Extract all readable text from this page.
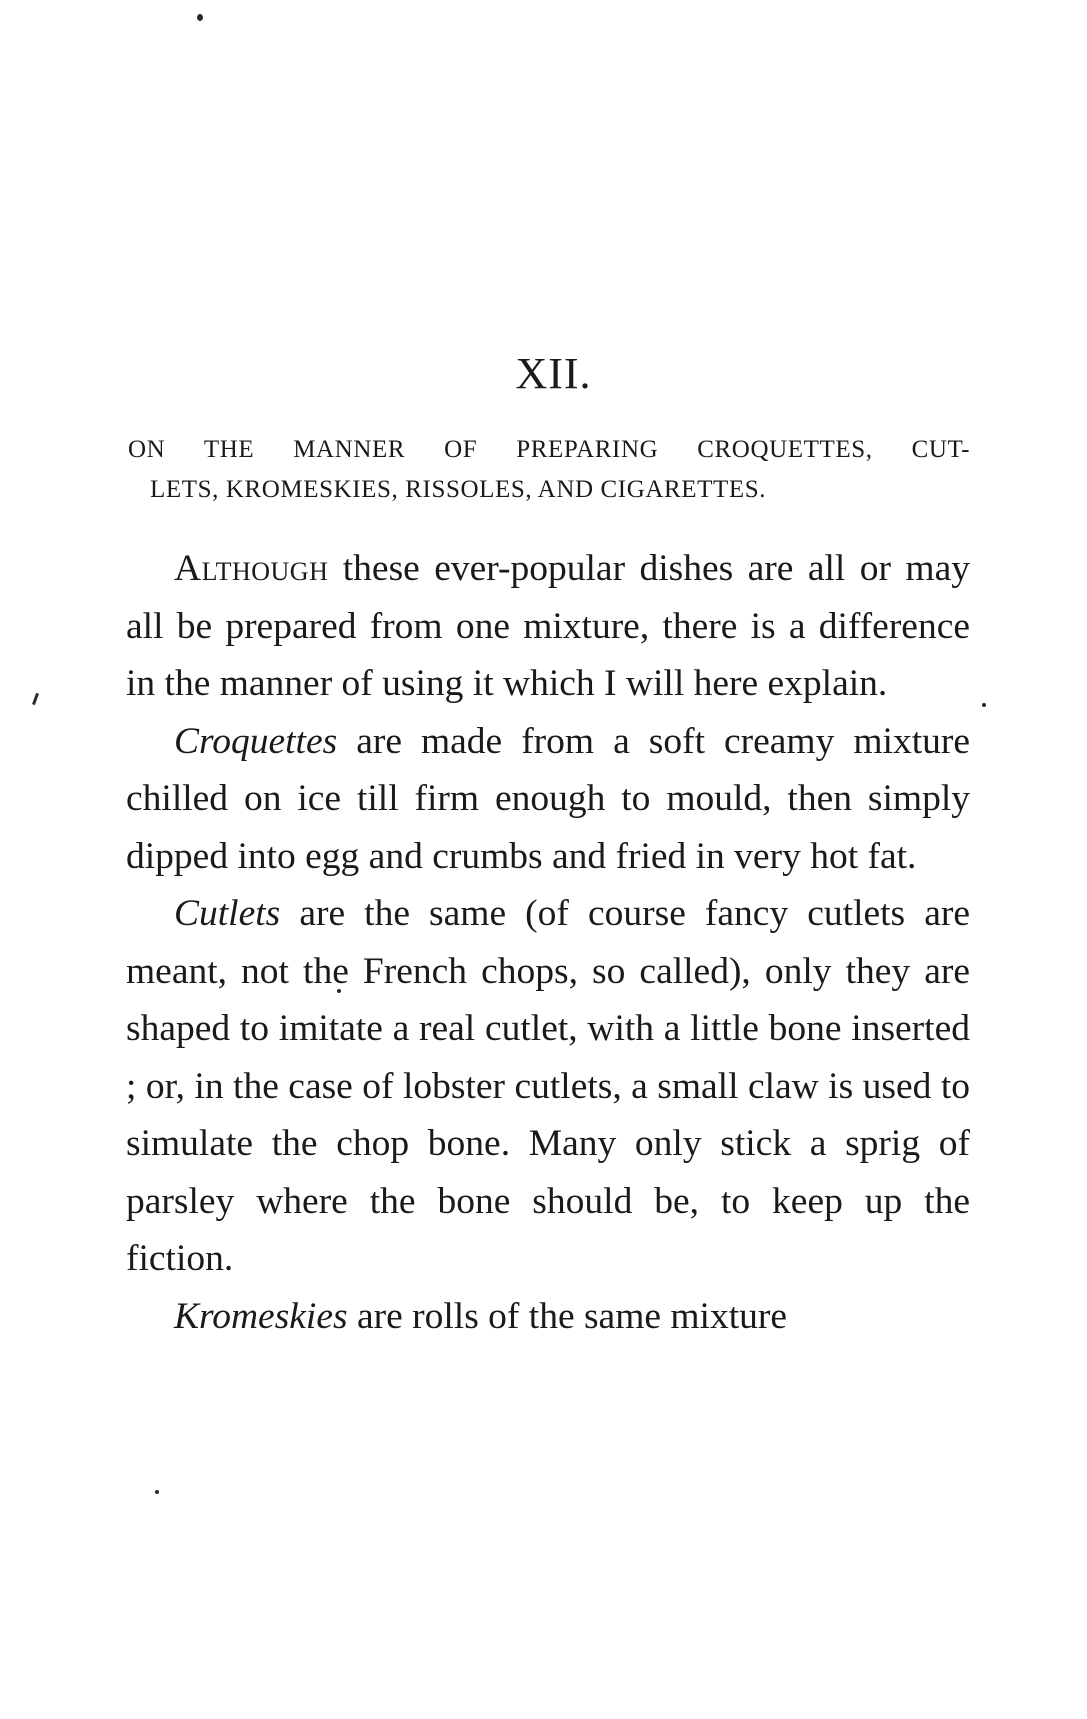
XII.
ON THE MANNER OF PREPARING CROQUETTES, CUT-
LETS, KROMESKIES, RISSOLES, AND CIGARETTES.

Although these ever-popular dishes are all or may all be prepared from one mixture, there is a difference in the manner of using it which I will here explain.

Croquettes are made from a soft creamy mixture chilled on ice till firm enough to mould, then simply dipped into egg and crumbs and fried in very hot fat.

Cutlets are the same (of course fancy cutlets are meant, not the French chops, so called), only they are shaped to imitate a real cutlet, with a little bone inserted ; or, in the case of lobster cutlets, a small claw is used to simulate the chop bone. Many only stick a sprig of parsley where the bone should be, to keep up the fiction.

Kromeskies are rolls of the same mixture
